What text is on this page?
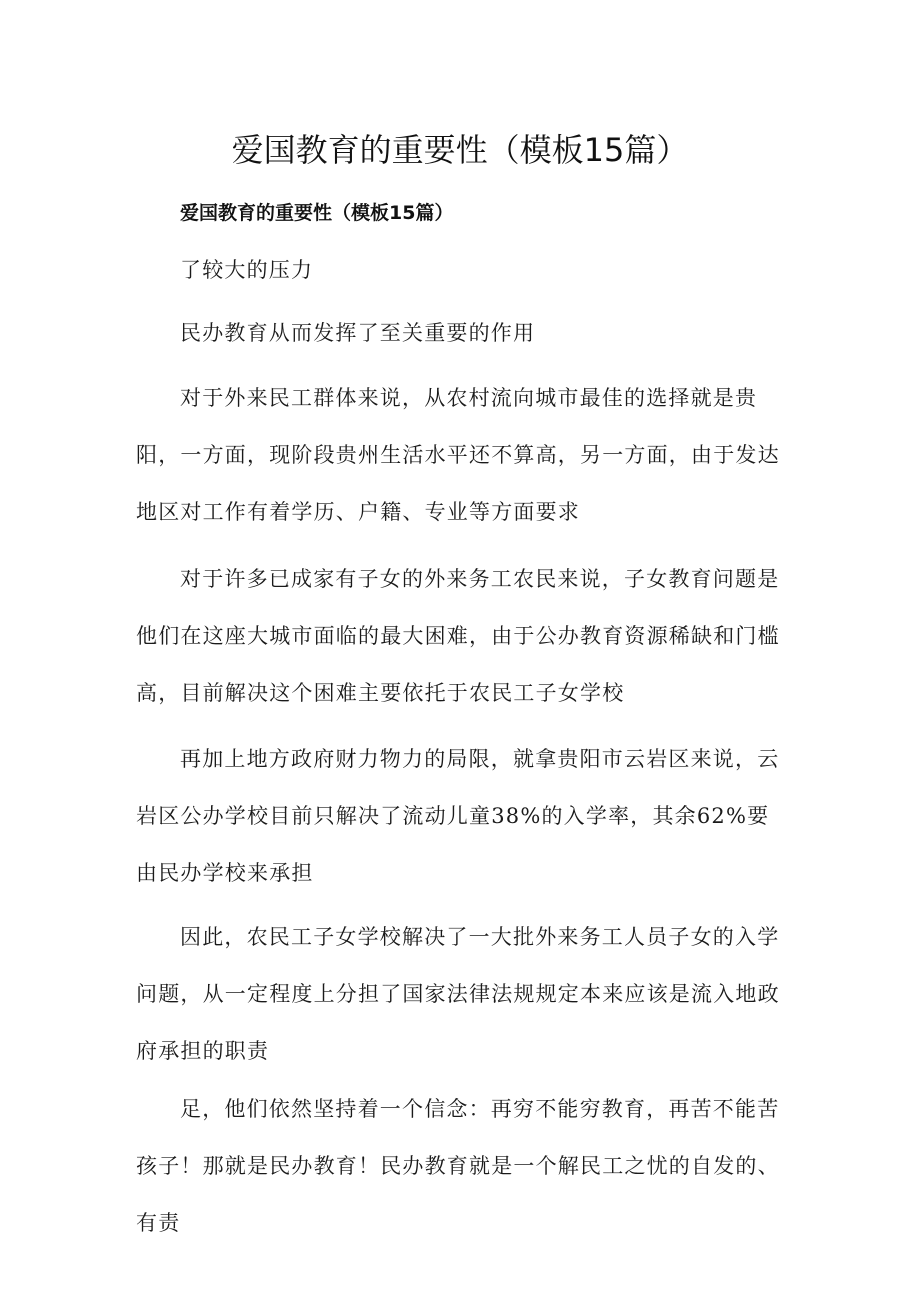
爱国教育的重要性（模板15篇）
爱国教育的重要性（模板15篇）

了较大的压力

民办教育从而发挥了至关重要的作用

对于外来民工群体来说，从农村流向城市最佳的选择就是贵阳，一方面，现阶段贵州生活水平还不算高，另一方面，由于发达地区对工作有着学历、户籍、专业等方面要求

对于许多已成家有子女的外来务工农民来说，子女教育问题是他们在这座大城市面临的最大困难，由于公办教育资源稀缺和门槛高，目前解决这个困难主要依托于农民工子女学校

再加上地方政府财力物力的局限，就拿贵阳市云岩区来说，云岩区公办学校目前只解决了流动儿童38%的入学率，其余62%要由民办学校来承担

因此，农民工子女学校解决了一大批外来务工人员子女的入学问题，从一定程度上分担了国家法律法规规定本来应该是流入地政府承担的职责

足，他们依然坚持着一个信念：再穷不能穷教育，再苦不能苦孩子！那就是民办教育！民办教育就是一个解民工之忧的自发的、有责
